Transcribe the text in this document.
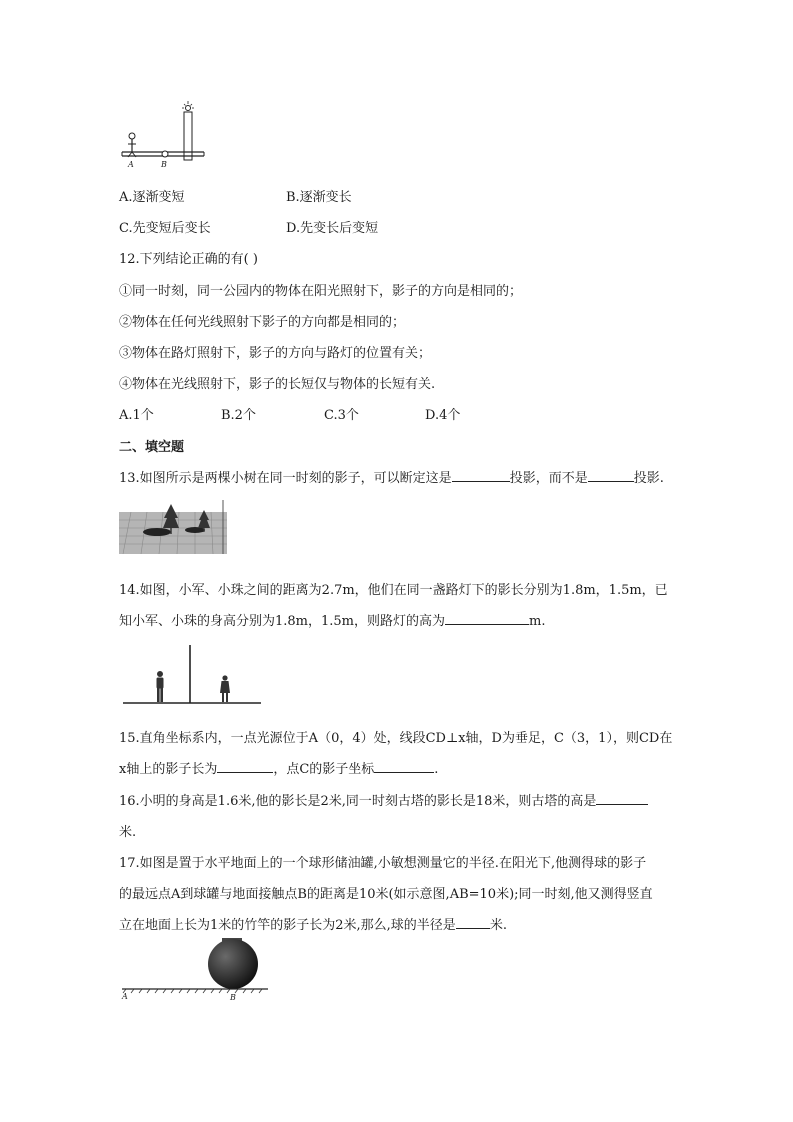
A	B
A.逐渐变短	B.逐渐变长
C.先变短后变长	D.先变长后变短
12.下列结论正确的有( )
①同一时刻，同一公园内的物体在阳光照射下，影子的方向是相同的；
②物体在任何光线照射下影子的方向都是相同的；
③物体在路灯照射下，影子的方向与路灯的位置有关；
④物体在光线照射下，影子的长短仅与物体的长短有关.
A.1个	B.2个	C.3个	D.4个
二、填空题
13.如图所示是两棵小树在同一时刻的影子，可以断定这是	投影，而不是	投影.
14.如图，小军、小珠之间的距离为2.7m，他们在同一盏路灯下的影长分别为1.8m，1.5m，已
知小军、小珠的身高分别为1.8m，1.5m，则路灯的高为	m.
15.直角坐标系内，一点光源位于A（0，4）处，线段CD⊥x轴，D为垂足，C（3，1），则CD在
x轴上的影子长为	，点C的影子坐标	.
16.小明的身高是1.6米,他的影长是2米,同一时刻古塔的影长是18米，则古塔的高是
米.
17.如图是置于水平地面上的一个球形储油罐,小敏想测量它的半径.在阳光下,他测得球的影子
的最远点A到球罐与地面接触点B的距离是10米(如示意图,AB=10米);同一时刻,他又测得竖直
立在地面上长为1米的竹竿的影子长为2米,那么,球的半径是	米.
A	B
